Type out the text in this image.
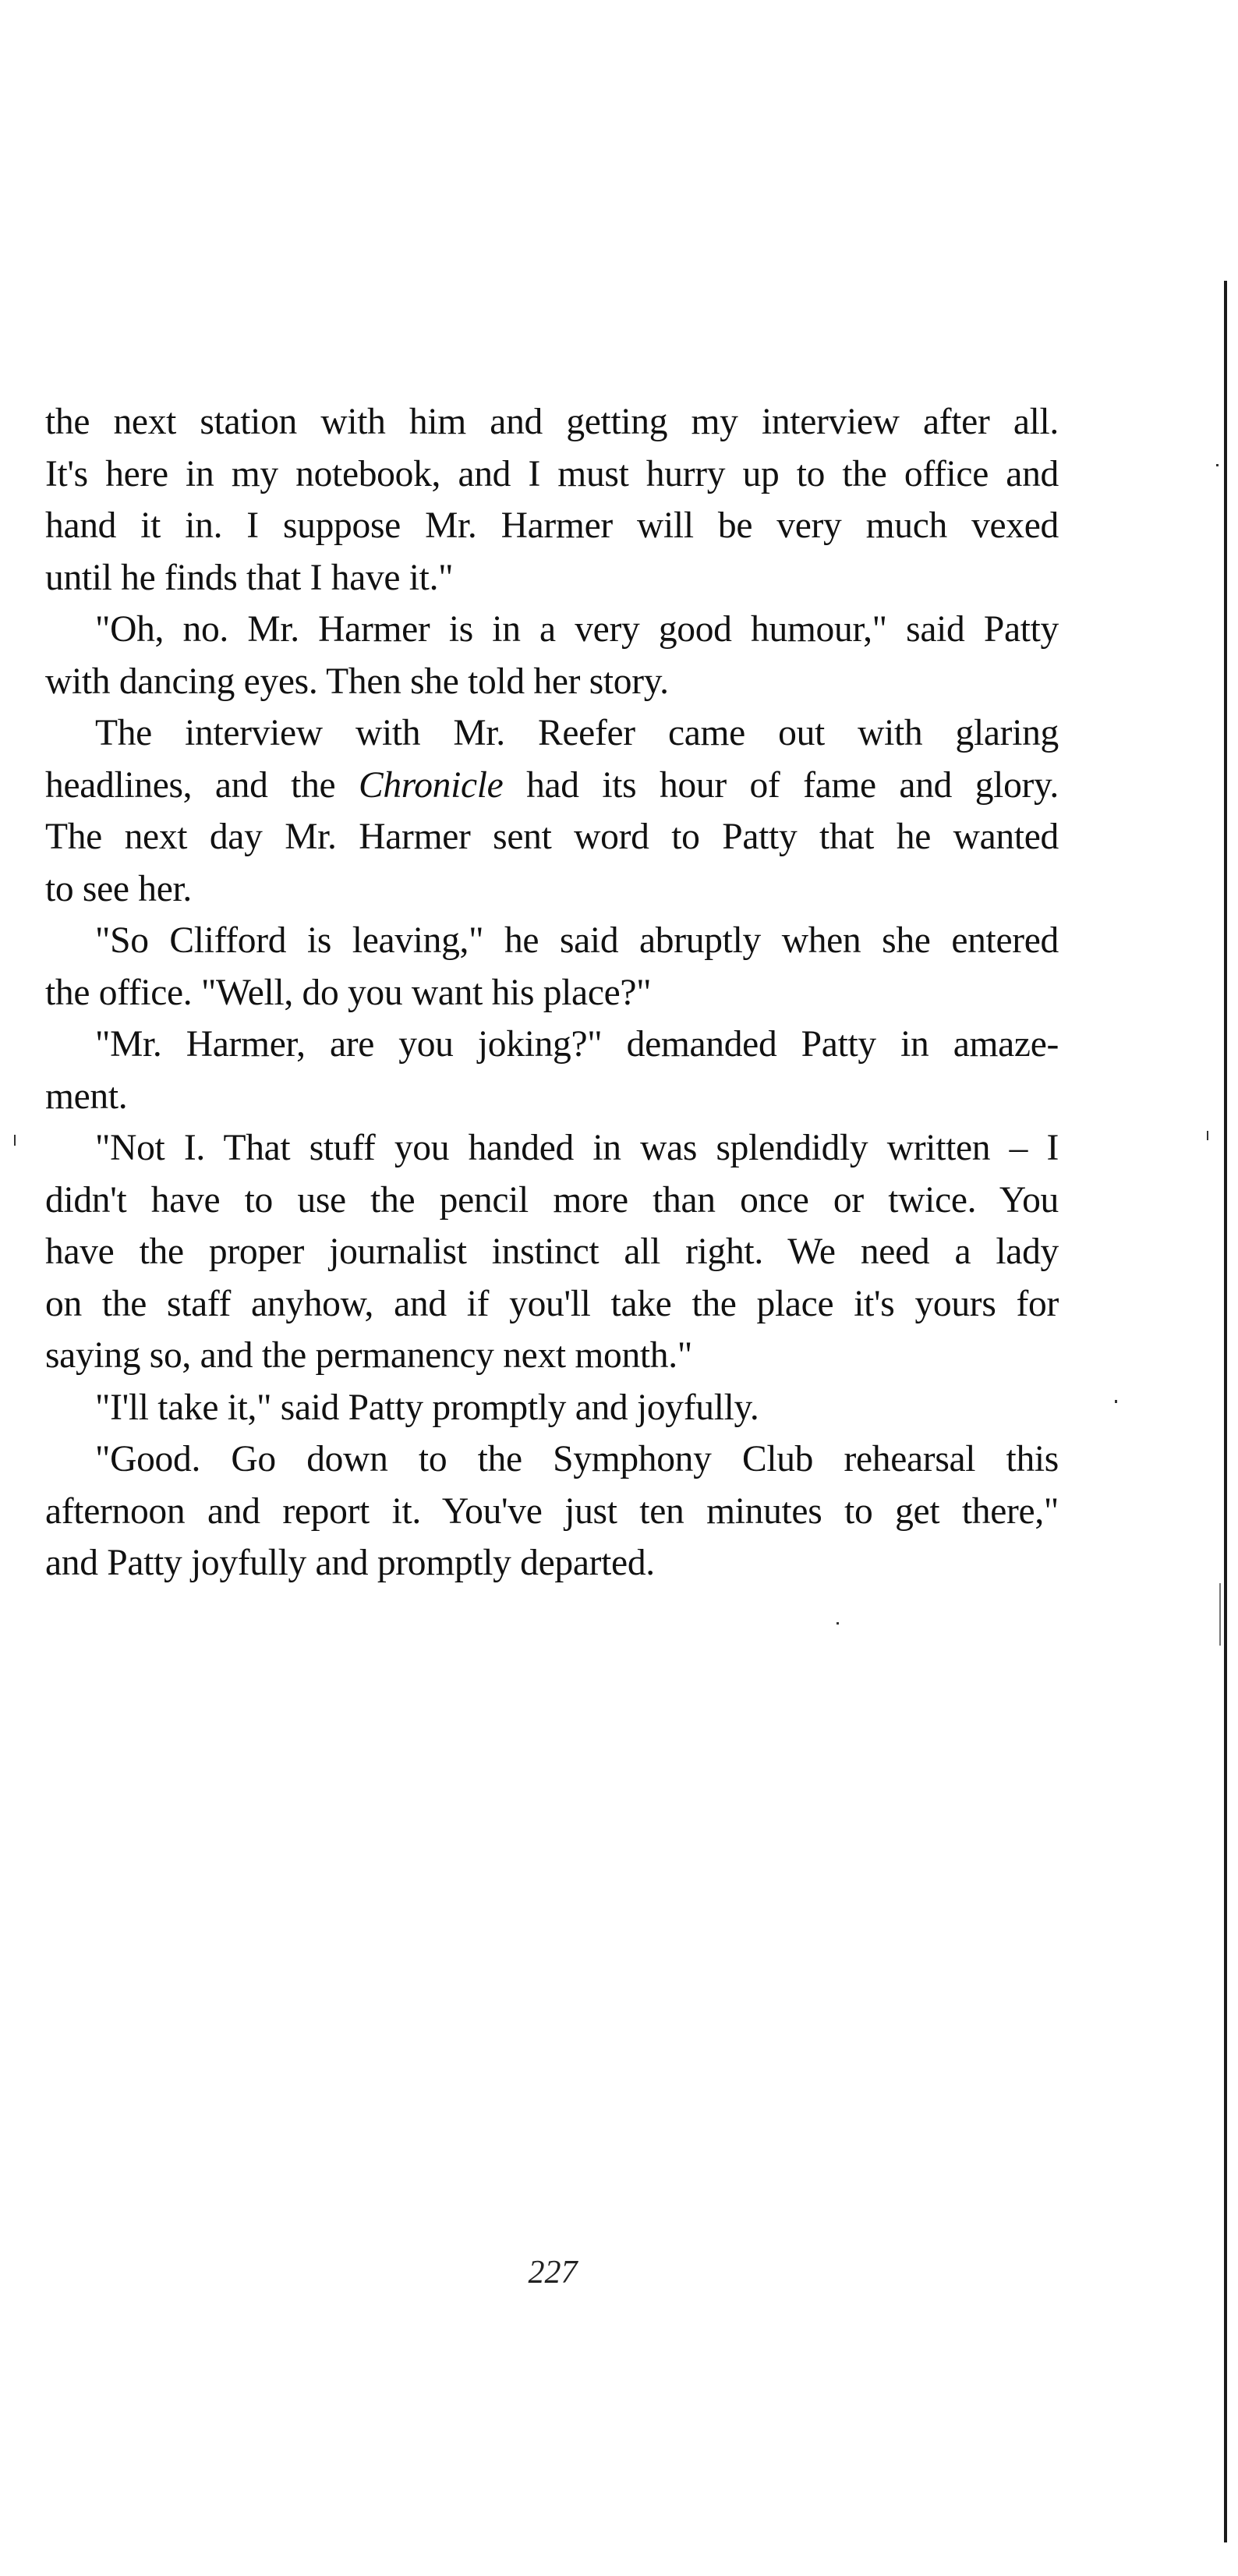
the next station with him and getting my interview after all.
It's here in my notebook, and I must hurry up to the office and
hand it in. I suppose Mr. Harmer will be very much vexed
until he finds that I have it."

"Oh, no. Mr. Harmer is in a very good humour," said Patty
with dancing eyes. Then she told her story.

The interview with Mr. Reefer came out with glaring
headlines, and the Chronicle had its hour of fame and glory.
The next day Mr. Harmer sent word to Patty that he wanted
to see her.

"So Clifford is leaving," he said abruptly when she entered
the office. "Well, do you want his place?"

"Mr. Harmer, are you joking?" demanded Patty in amaze-
ment.

"Not I. That stuff you handed in was splendidly written – I
didn't have to use the pencil more than once or twice. You
have the proper journalist instinct all right. We need a lady
on the staff anyhow, and if you'll take the place it's yours for
saying so, and the permanency next month."

"I'll take it," said Patty promptly and joyfully.

"Good. Go down to the Symphony Club rehearsal this
afternoon and report it. You've just ten minutes to get there,"
and Patty joyfully and promptly departed.

227
